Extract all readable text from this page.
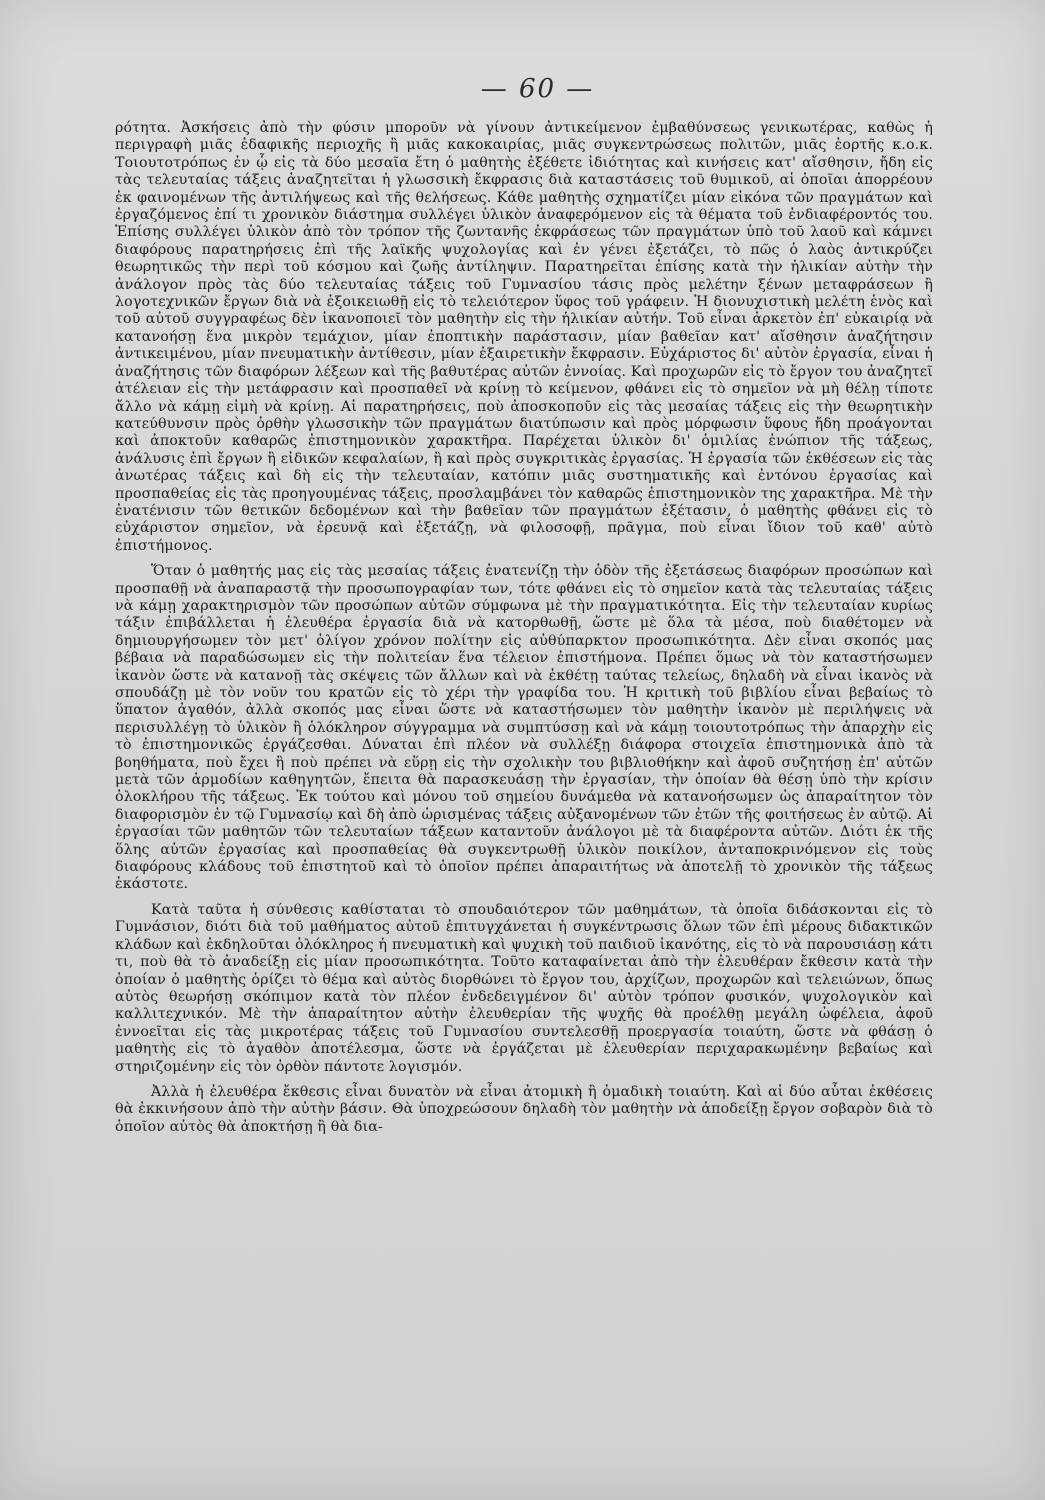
— 60 —

ρότητα. Ἀσκήσεις ἀπὸ τὴν φύσιν μποροῦν νὰ γίνουν ἀντικείμενον ἐμβαθύνσεως γενικωτέρας, καθὼς ἡ περιγραφὴ μιᾶς ἐδαφικῆς περιοχῆς ἢ μιᾶς κακοκαιρίας, μιᾶς συγκεντρώσεως πολιτῶν, μιᾶς ἑορτῆς κ.ο.κ. Τοιουτοτρόπως ἐν ᾧ εἰς τὰ δύο μεσαῖα ἔτη ὁ μαθητὴς ἐξέθετε ἰδιότητας καὶ κινήσεις κατ' αἴσθησιν, ἤδη εἰς τὰς τελευταίας τάξεις ἀναζητεῖται ἡ γλωσσικὴ ἔκφρασις διὰ καταστάσεις τοῦ θυμικοῦ, αἱ ὁποῖαι ἀπορρέουν ἐκ φαινομένων τῆς ἀντιλήψεως καὶ τῆς θελήσεως. Κάθε μαθητὴς σχηματίζει μίαν εἰκόνα τῶν πραγμάτων καὶ ἐργαζόμενος ἐπί τι χρονικὸν διάστημα συλλέγει ὑλικὸν ἀναφερόμενον εἰς τὰ θέματα τοῦ ἐνδιαφέροντός του. Ἐπίσης συλλέγει ὑλικὸν ἀπὸ τὸν τρόπον τῆς ζωντανῆς ἐκφράσεως τῶν πραγμάτων ὑπὸ τοῦ λαοῦ καὶ κάμνει διαφόρους παρατηρήσεις ἐπὶ τῆς λαϊκῆς ψυχολογίας καὶ ἐν γένει ἐξετάζει, τὸ πῶς ὁ λαὸς ἀντικρύζει θεωρητικῶς τὴν περὶ τοῦ κόσμου καὶ ζωῆς ἀντίληψιν. Παρατηρεῖται ἐπίσης κατὰ τὴν ἡλικίαν αὐτὴν τὴν ἀνάλογον πρὸς τὰς δύο τελευταίας τάξεις τοῦ Γυμνασίου τάσις πρὸς μελέτην ξένων μεταφράσεων ἢ λογοτεχνικῶν ἔργων διὰ νὰ ἐξοικειωθῇ εἰς τὸ τελειότερον ὕφος τοῦ γράφειν. Ἡ διονυχιστικὴ μελέτη ἑνὸς καὶ τοῦ αὐτοῦ συγγραφέως δὲν ἱκανοποιεῖ τὸν μαθητὴν εἰς τὴν ἡλικίαν αὐτήν. Τοῦ εἶναι ἀρκετὸν ἐπ' εὐκαιρίᾳ νὰ κατανοήσῃ ἕνα μικρὸν τεμάχιον, μίαν ἐποπτικὴν παράστασιν, μίαν βαθεῖαν κατ' αἴσθησιν ἀναζήτησιν ἀντικειμένου, μίαν πνευματικὴν ἀντίθεσιν, μίαν ἐξαιρετικὴν ἔκφρασιν. Εὐχάριστος δι' αὐτὸν ἐργασία, εἶναι ἡ ἀναζήτησις τῶν διαφόρων λέξεων καὶ τῆς βαθυτέρας αὐτῶν ἐννοίας. Καὶ προχωρῶν εἰς τὸ ἔργον του ἀναζητεῖ ἀτέλειαν εἰς τὴν μετάφρασιν καὶ προσπαθεῖ νὰ κρίνῃ τὸ κείμενον, φθάνει εἰς τὸ σημεῖον νὰ μὴ θέλῃ τίποτε ἄλλο νὰ κάμῃ εἰμὴ νὰ κρίνῃ. Αἱ παρατηρήσεις, ποὺ ἀποσκοποῦν εἰς τὰς μεσαίας τάξεις εἰς τὴν θεωρητικὴν κατεύθυνσιν πρὸς ὀρθὴν γλωσσικὴν τῶν πραγμάτων διατύπωσιν καὶ πρὸς μόρφωσιν ὕφους ἤδη προάγονται καὶ ἀποκτοῦν καθαρῶς ἐπιστημονικὸν χαρακτῆρα. Παρέχεται ὑλικὸν δι' ὁμιλίας ἐνώπιον τῆς τάξεως, ἀνάλυσις ἐπὶ ἔργων ἢ εἰδικῶν κεφαλαίων, ἢ καὶ πρὸς συγκριτικὰς ἐργασίας. Ἡ ἐργασία τῶν ἐκθέσεων εἰς τὰς ἀνωτέρας τάξεις καὶ δὴ εἰς τὴν τελευταίαν, κατόπιν μιᾶς συστηματικῆς καὶ ἐντόνου ἐργασίας καὶ προσπαθείας εἰς τὰς προηγουμένας τάξεις, προσλαμβάνει τὸν καθαρῶς ἐπιστημονικὸν της χαρακτῆρα. Μὲ τὴν ἐνατένισιν τῶν θετικῶν δεδομένων καὶ τὴν βαθεῖαν τῶν πραγμάτων ἐξέτασιν, ὁ μαθητὴς φθάνει εἰς τὸ εὐχάριστον σημεῖον, νὰ ἐρευνᾷ καὶ ἐξετάζῃ, νὰ φιλοσοφῇ, πρᾶγμα, ποὺ εἶναι ἴδιον τοῦ καθ' αὐτὸ ἐπιστήμονος.

Ὅταν ὁ μαθητής μας εἰς τὰς μεσαίας τάξεις ἐνατενίζῃ τὴν ὁδὸν τῆς ἐξετάσεως διαφόρων προσώπων καὶ προσπαθῇ νὰ ἀναπαραστᾷ τὴν προσωπογραφίαν των, τότε φθάνει εἰς τὸ σημεῖον κατὰ τὰς τελευταίας τάξεις νὰ κάμῃ χαρακτηρισμὸν τῶν προσώπων αὐτῶν σύμφωνα μὲ τὴν πραγματικότητα. Εἰς τὴν τελευταίαν κυρίως τάξιν ἐπιβάλλεται ἡ ἐλευθέρα ἐργασία διὰ νὰ κατορθωθῇ, ὥστε μὲ ὅλα τὰ μέσα, ποὺ διαθέτομεν νὰ δημιουργήσωμεν τὸν μετ' ὀλίγον χρόνον πολίτην εἰς αὐθύπαρκτον προσωπικότητα. Δὲν εἶναι σκοπός μας βέβαια νὰ παραδώσωμεν εἰς τὴν πολιτείαν ἕνα τέλειον ἐπιστήμονα. Πρέπει ὅμως νὰ τὸν καταστήσωμεν ἱκανὸν ὥστε νὰ κατανοῇ τὰς σκέψεις τῶν ἄλλων καὶ νὰ ἐκθέτῃ ταύτας τελείως, δηλαδὴ νὰ εἶναι ἱκανὸς νὰ σπουδάζῃ μὲ τὸν νοῦν του κρατῶν εἰς τὸ χέρι τὴν γραφίδα του. Ἡ κριτικὴ τοῦ βιβλίου εἶναι βεβαίως τὸ ὕπατον ἀγαθόν, ἀλλὰ σκοπός μας εἶναι ὥστε νὰ καταστήσωμεν τὸν μαθητὴν ἱκανὸν μὲ περιλήψεις νὰ περισυλλέγῃ τὸ ὑλικὸν ἢ ὁλόκληρον σύγγραμμα νὰ συμπτύσσῃ καὶ νὰ κάμῃ τοιουτοτρόπως τὴν ἀπαρχὴν εἰς τὸ ἐπιστημονικῶς ἐργάζεσθαι. Δύναται ἐπὶ πλέον νὰ συλλέξῃ διάφορα στοιχεῖα ἐπιστημονικὰ ἀπὸ τὰ βοηθήματα, ποὺ ἔχει ἢ ποὺ πρέπει νὰ εὕρῃ εἰς τὴν σχολικὴν του βιβλιοθήκην καὶ ἀφοῦ συζητήσῃ ἐπ' αὐτῶν μετὰ τῶν ἁρμοδίων καθηγητῶν, ἔπειτα θὰ παρασκευάσῃ τὴν ἐργασίαν, τὴν ὁποίαν θὰ θέσῃ ὑπὸ τὴν κρίσιν ὁλοκλήρου τῆς τάξεως. Ἐκ τούτου καὶ μόνου τοῦ σημείου δυνάμεθα νὰ κατανοήσωμεν ὡς ἀπαραίτητον τὸν διαφορισμὸν ἐν τῷ Γυμνασίῳ καὶ δὴ ἀπὸ ὡρισμένας τάξεις αὐξανομένων τῶν ἐτῶν τῆς φοιτήσεως ἐν αὐτῷ. Αἱ ἐργασίαι τῶν μαθητῶν τῶν τελευταίων τάξεων καταντοῦν ἀνάλογοι μὲ τὰ διαφέροντα αὐτῶν. Διότι ἐκ τῆς ὅλης αὐτῶν ἐργασίας καὶ προσπαθείας θὰ συγκεντρωθῇ ὑλικὸν ποικίλον, ἀνταποκρινόμενον εἰς τοὺς διαφόρους κλάδους τοῦ ἐπιστητοῦ καὶ τὸ ὁποῖον πρέπει ἀπαραιτήτως νὰ ἀποτελῇ τὸ χρονικὸν τῆς τάξεως ἑκάστοτε.

Κατὰ ταῦτα ἡ σύνθεσις καθίσταται τὸ σπουδαιότερον τῶν μαθημάτων, τὰ ὁποῖα διδάσκονται εἰς τὸ Γυμνάσιον, διότι διὰ τοῦ μαθήματος αὐτοῦ ἐπιτυγχάνεται ἡ συγκέντρωσις ὅλων τῶν ἐπὶ μέρους διδακτικῶν κλάδων καὶ ἐκδηλοῦται ὁλόκληρος ἡ πνευματικὴ καὶ ψυχικὴ τοῦ παιδιοῦ ἱκανότης, εἰς τὸ νὰ παρουσιάσῃ κάτι τι, ποὺ θὰ τὸ ἀναδείξῃ εἰς μίαν προσωπικότητα. Τοῦτο καταφαίνεται ἀπὸ τὴν ἐλευθέραν ἔκθεσιν κατὰ τὴν ὁποίαν ὁ μαθητὴς ὁρίζει τὸ θέμα καὶ αὐτὸς διορθώνει τὸ ἔργον του, ἀρχίζων, προχωρῶν καὶ τελειώνων, ὅπως αὐτὸς θεωρήσῃ σκόπιμον κατὰ τὸν πλέον ἐνδεδειγμένον δι' αὐτὸν τρόπον φυσικόν, ψυχολογικὸν καὶ καλλιτεχνικόν. Μὲ τὴν ἀπαραίτητον αὐτὴν ἐλευθερίαν τῆς ψυχῆς θὰ προέλθῃ μεγάλη ὠφέλεια, ἀφοῦ ἐννοεῖται εἰς τὰς μικροτέρας τάξεις τοῦ Γυμνασίου συντελεσθῇ προεργασία τοιαύτη, ὥστε νὰ φθάσῃ ὁ μαθητὴς εἰς τὸ ἀγαθὸν ἀποτέλεσμα, ὥστε νὰ ἐργάζεται μὲ ἐλευθερίαν περιχαρακωμένην βεβαίως καὶ στηριζομένην εἰς τὸν ὀρθὸν πάντοτε λογισμόν.

Ἀλλὰ ἡ ἐλευθέρα ἔκθεσις εἶναι δυνατὸν νὰ εἶναι ἀτομικὴ ἢ ὁμαδικὴ τοιαύτη. Καὶ αἱ δύο αὗται ἐκθέσεις θὰ ἐκκινήσουν ἀπὸ τὴν αὐτὴν βάσιν. Θὰ ὑποχρεώσουν δηλαδὴ τὸν μαθητὴν νὰ ἀποδείξῃ ἔργον σοβαρὸν διὰ τὸ ὁποῖον αὐτὸς θὰ ἀποκτήσῃ ἢ θὰ δια-
